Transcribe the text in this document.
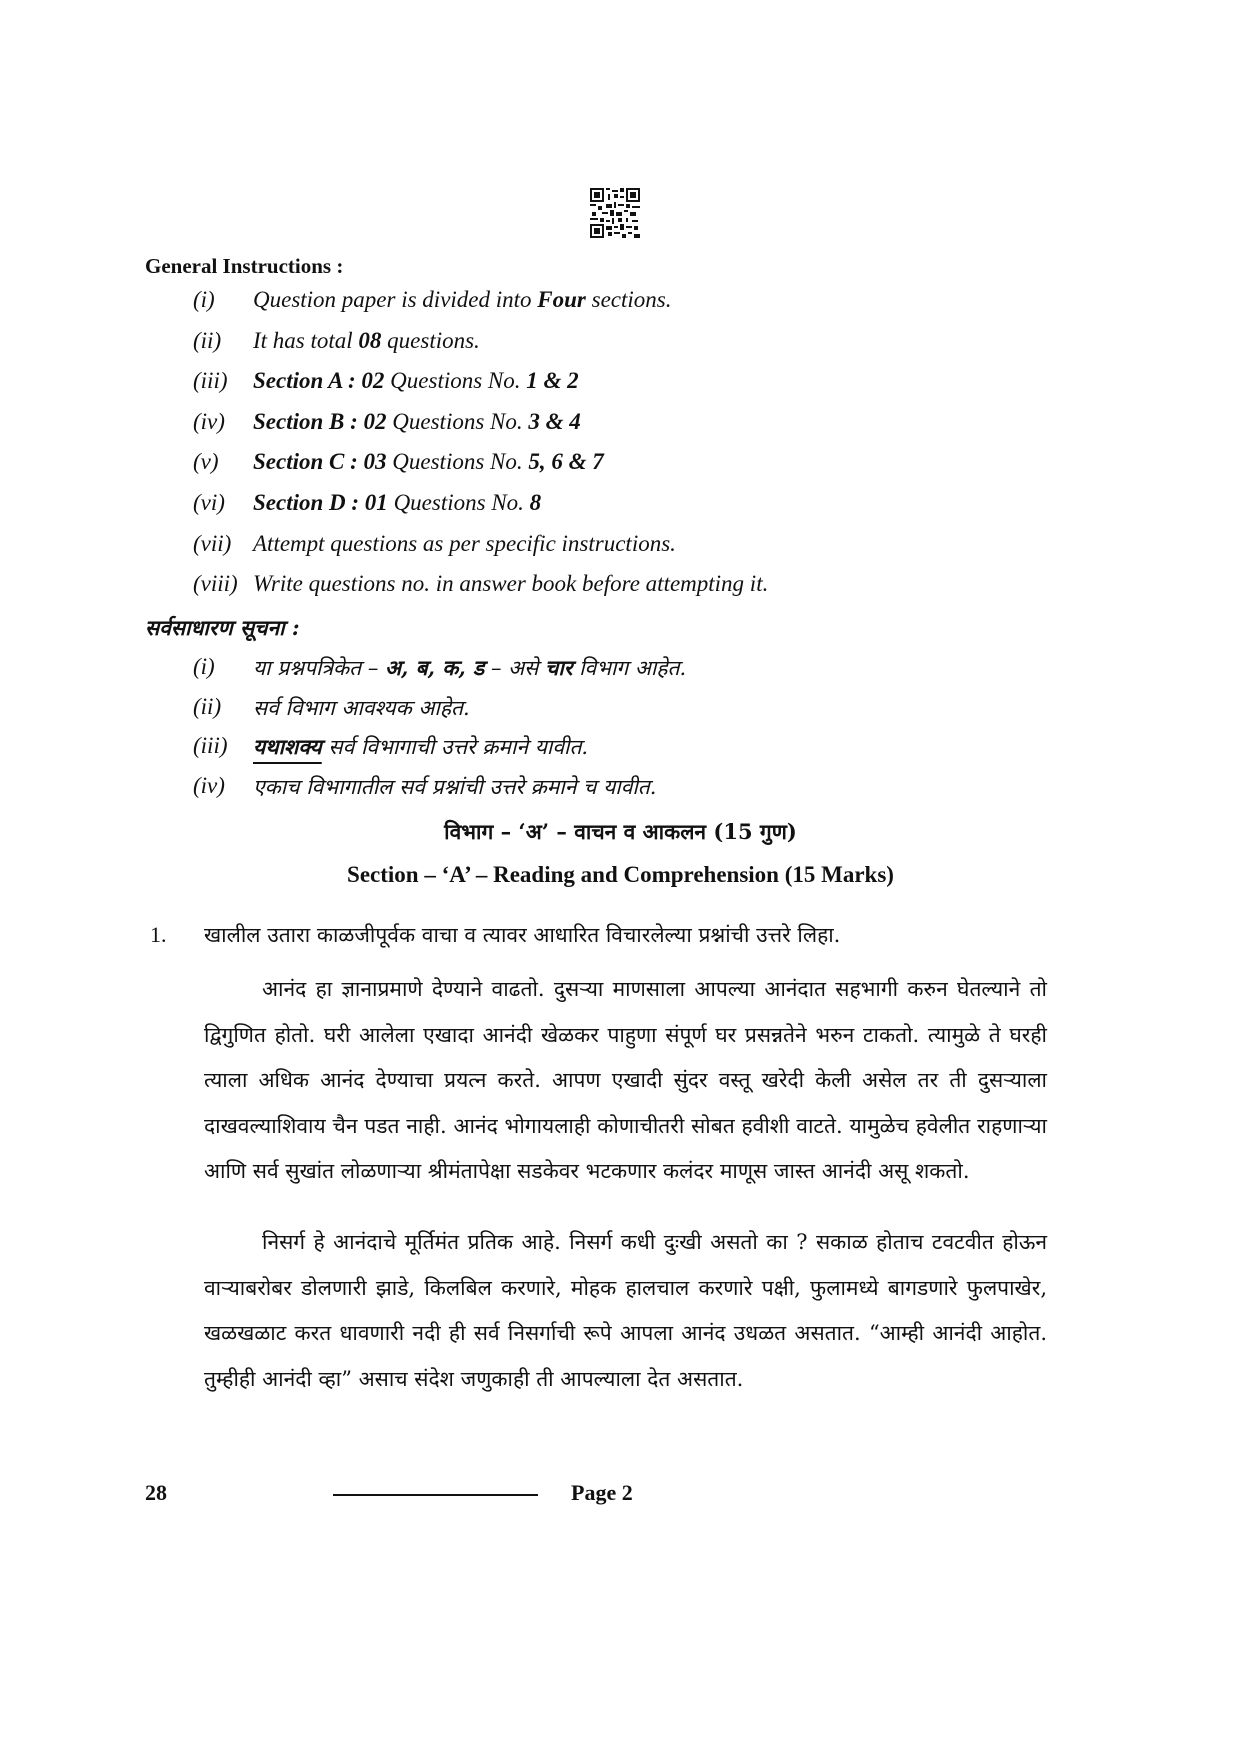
General Instructions :
(i) Question paper is divided into Four sections.
(ii) It has total 08 questions.
(iii) Section A : 02 Questions No. 1 & 2
(iv) Section B : 02 Questions No. 3 & 4
(v) Section C : 03 Questions No. 5, 6 & 7
(vi) Section D : 01 Questions No. 8
(vii) Attempt questions as per specific instructions.
(viii) Write questions no. in answer book before attempting it.
सर्वसाधारण सूचना :
(i) या प्रश्नपत्रिकेत – अ, ब, क, ड – असे चार विभाग आहेत.
(ii) सर्व विभाग आवश्यक आहेत.
(iii) यथाशक्य सर्व विभागाची उत्तरे क्रमाने यावीत.
(iv) एकाच विभागातील सर्व प्रश्नांची उत्तरे क्रमाने च यावीत.
विभाग – ‘अ’ – वाचन व आकलन (15 गुण)
Section – ‘A’ – Reading and Comprehension (15 Marks)
1. खालील उतारा काळजीपूर्वक वाचा व त्यावर आधारित विचारलेल्या प्रश्नांची उत्तरे लिहा.

आनंद हा ज्ञानाप्रमाणे देण्याने वाढतो. दुसऱ्या माणसाला आपल्या आनंदात सहभागी करुन घेतल्याने तो द्विगुणित होतो. घरी आलेला एखादा आनंदी खेळकर पाहुणा संपूर्ण घर प्रसन्नतेने भरुन टाकतो. त्यामुळे ते घरही त्याला अधिक आनंद देण्याचा प्रयत्न करते. आपण एखादी सुंदर वस्तू खरेदी केली असेल तर ती दुसऱ्याला दाखवल्याशिवाय चैन पडत नाही. आनंद भोगायलाही कोणाचीतरी सोबत हवीशी वाटते. यामुळेच हवेलीत राहणाऱ्या आणि सर्व सुखांत लोळणाऱ्या श्रीमंतापेक्षा सडकेवर भटकणार कलंदर माणूस जास्त आनंदी असू शकतो.

निसर्ग हे आनंदाचे मूर्तिमंत प्रतिक आहे. निसर्ग कधी दुःखी असतो का ? सकाळ होताच टवटवीत होऊन वाऱ्याबरोबर डोलणारी झाडे, किलबिल करणारे, मोहक हालचाल करणारे पक्षी, फुलामध्ये बागडणारे फुलपाखेर, खळखळाट करत धावणारी नदी ही सर्व निसर्गाची रूपे आपला आनंद उधळत असतात. “आम्ही आनंदी आहोत. तुम्हीही आनंदी व्हा” असाच संदेश जणुकाही ती आपल्याला देत असतात.

28	Page 2
